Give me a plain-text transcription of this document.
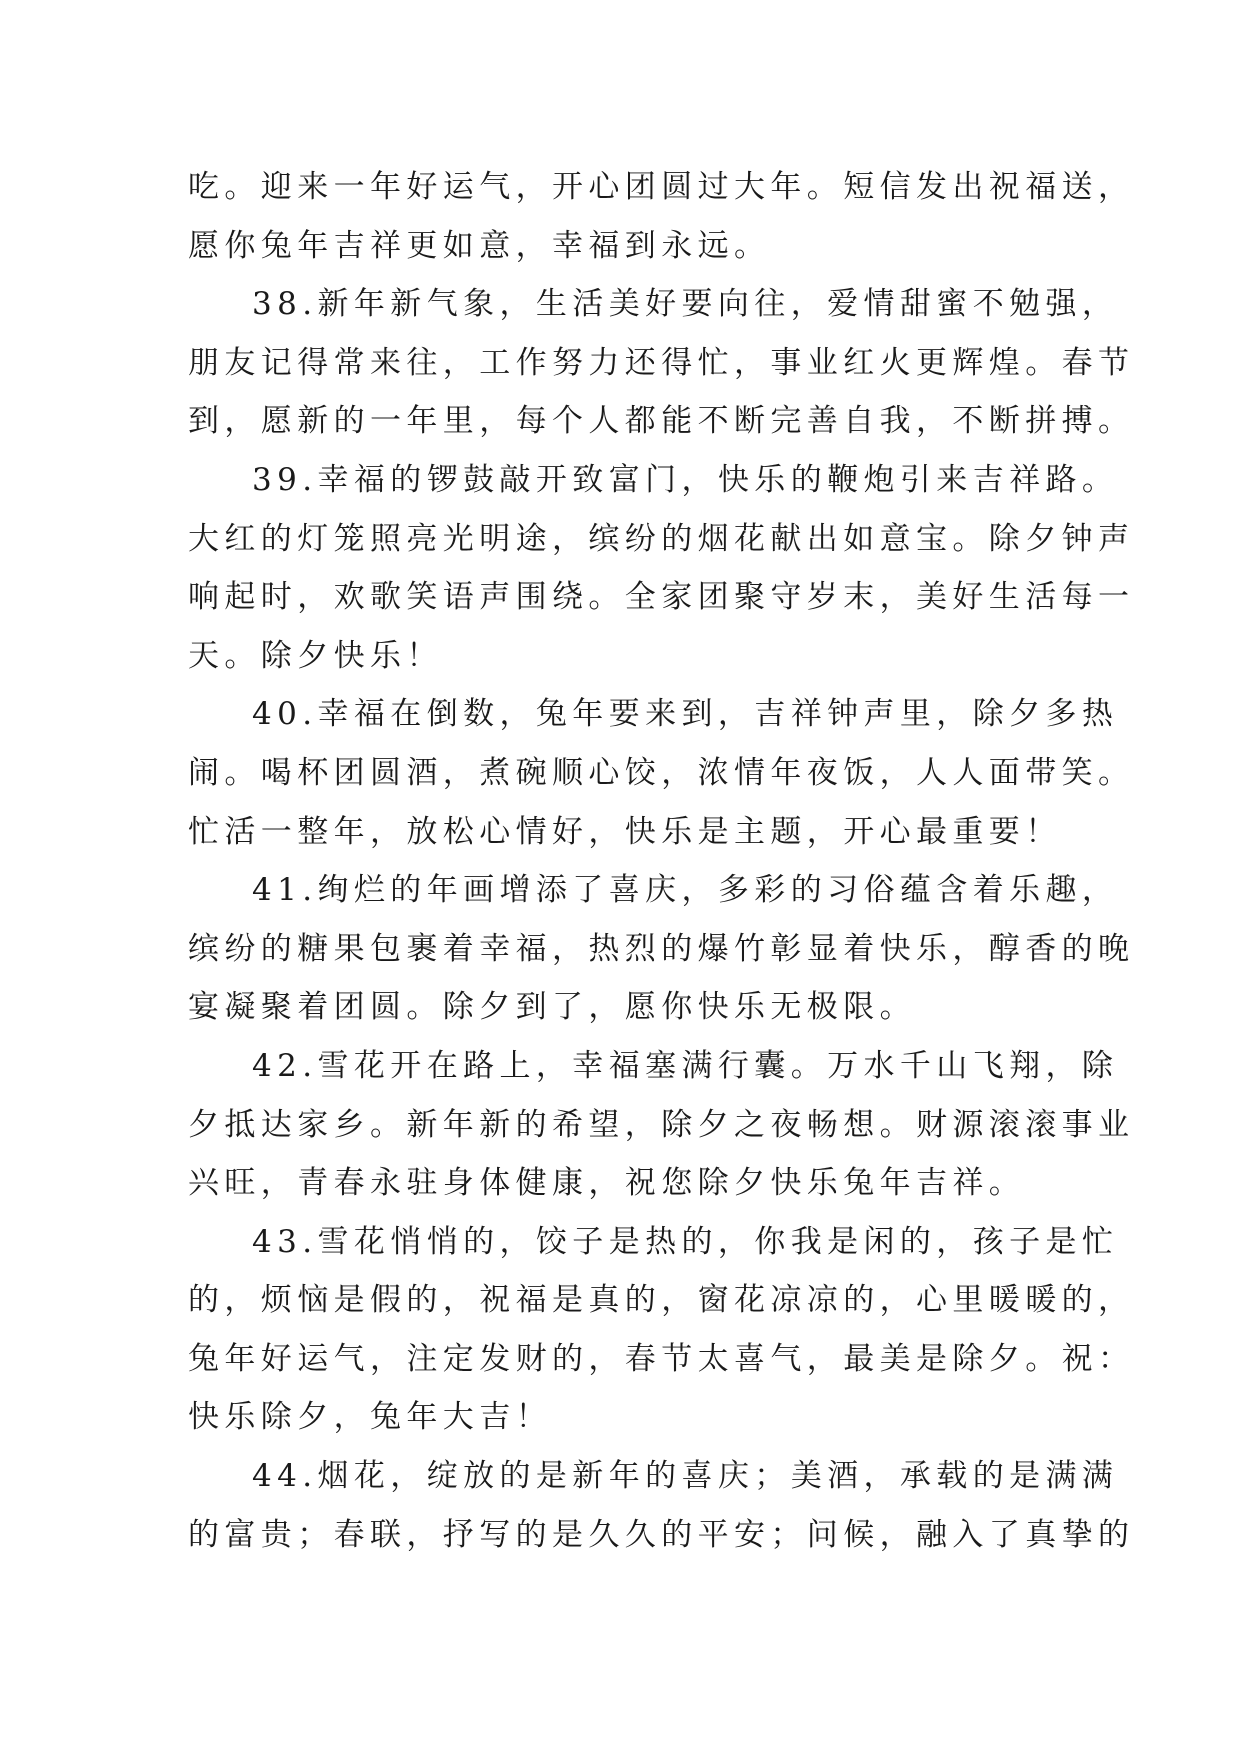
吃。迎来一年好运气，开心团圆过大年。短信发出祝福送，
愿你兔年吉祥更如意，幸福到永远。
38.新年新气象，生活美好要向往，爱情甜蜜不勉强，
朋友记得常来往，工作努力还得忙，事业红火更辉煌。春节
到，愿新的一年里，每个人都能不断完善自我，不断拼搏。
39.幸福的锣鼓敲开致富门，快乐的鞭炮引来吉祥路。
大红的灯笼照亮光明途，缤纷的烟花献出如意宝。除夕钟声
响起时，欢歌笑语声围绕。全家团聚守岁末，美好生活每一
天。除夕快乐！
40.幸福在倒数，兔年要来到，吉祥钟声里，除夕多热
闹。喝杯团圆酒，煮碗顺心饺，浓情年夜饭，人人面带笑。
忙活一整年，放松心情好，快乐是主题，开心最重要！
41.绚烂的年画增添了喜庆，多彩的习俗蕴含着乐趣，
缤纷的糖果包裹着幸福，热烈的爆竹彰显着快乐，醇香的晚
宴凝聚着团圆。除夕到了，愿你快乐无极限。
42.雪花开在路上，幸福塞满行囊。万水千山飞翔，除
夕抵达家乡。新年新的希望，除夕之夜畅想。财源滚滚事业
兴旺，青春永驻身体健康，祝您除夕快乐兔年吉祥。
43.雪花悄悄的，饺子是热的，你我是闲的，孩子是忙
的，烦恼是假的，祝福是真的，窗花凉凉的，心里暖暖的，
兔年好运气，注定发财的，春节太喜气，最美是除夕。祝：
快乐除夕，兔年大吉！
44.烟花，绽放的是新年的喜庆；美酒，承载的是满满
的富贵；春联，抒写的是久久的平安；问候，融入了真挚的
